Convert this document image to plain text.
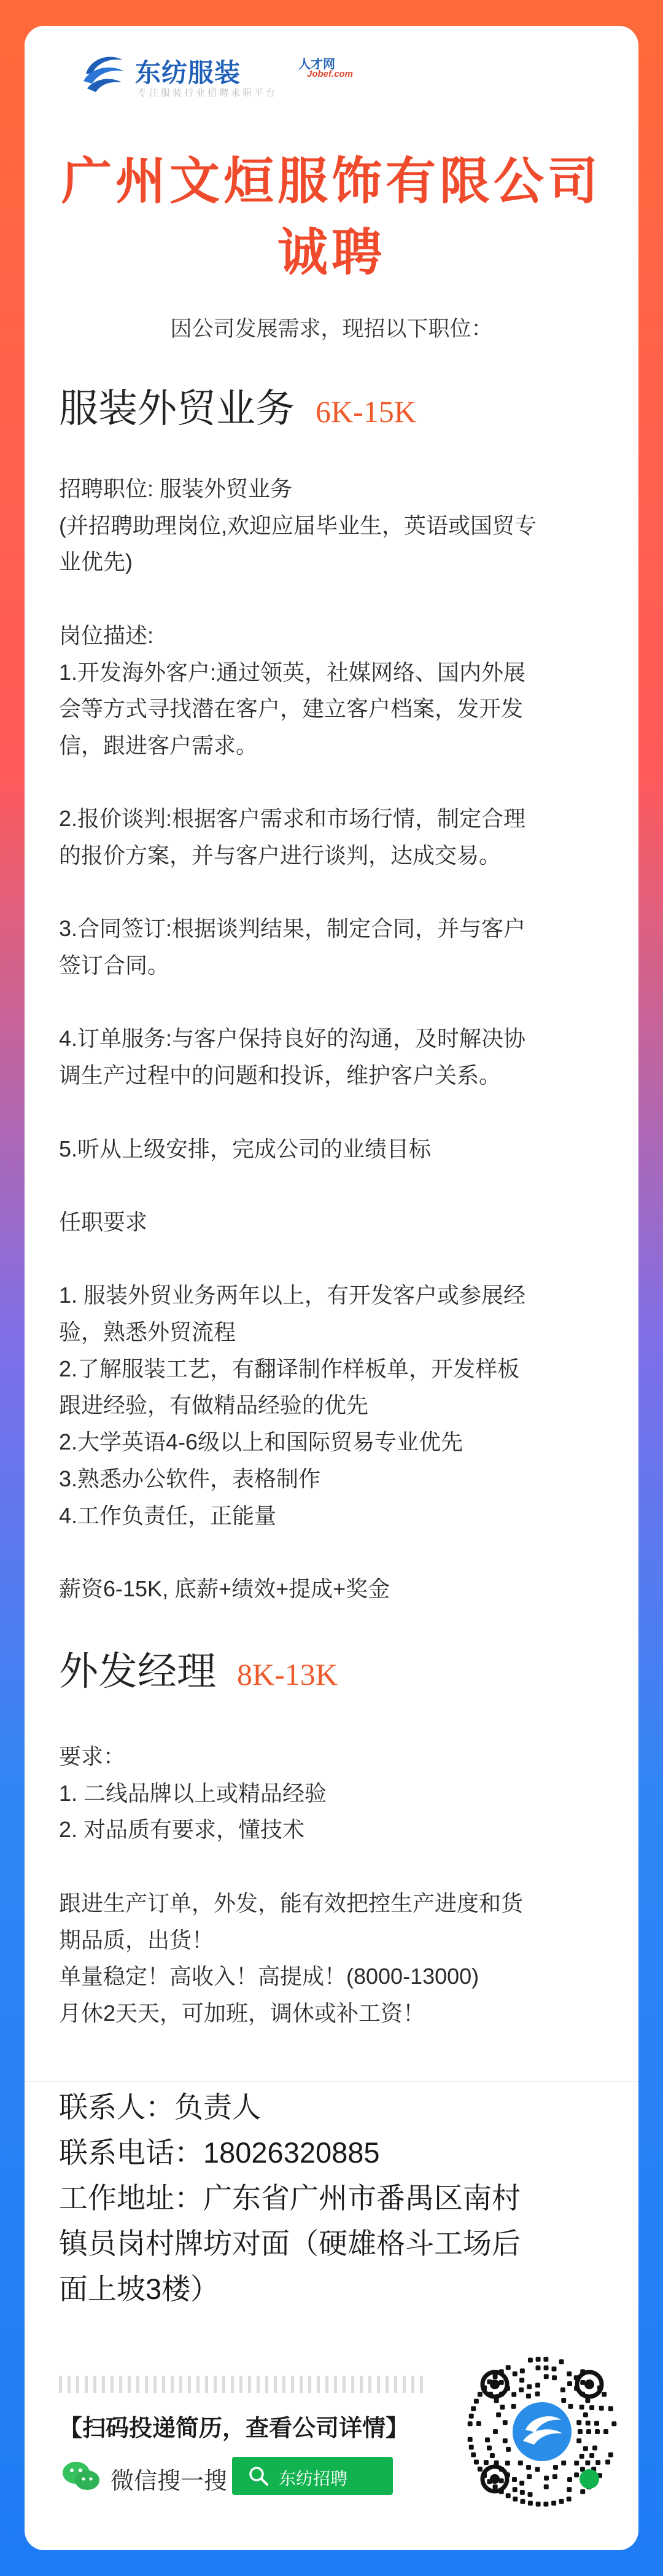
东纺服装	人才网
Jobef.com
专注服装行业招聘求职平台
广州文烜服饰有限公司
诚聘
因公司发展需求，现招以下职位：
服装外贸业务 6K-15K
招聘职位: 服装外贸业务
(并招聘助理岗位,欢迎应届毕业生，英语或国贸专
业优先)
岗位描述:
1.开发海外客户:通过领英，社媒网络、国内外展
会等方式寻找潜在客户，建立客户档案，发开发
信，跟进客户需求。
2.报价谈判:根据客户需求和市场行情，制定合理
的报价方案，并与客户进行谈判，达成交易。
3.合同签订:根据谈判结果，制定合同，并与客户
签订合同。
4.订单服务:与客户保持良好的沟通，及时解决协
调生产过程中的问题和投诉，维护客户关系。
5.听从上级安排，完成公司的业绩目标
任职要求
1. 服装外贸业务两年以上，有开发客户或参展经
验，熟悉外贸流程
2.了解服装工艺，有翻译制作样板单，开发样板
跟进经验，有做精品经验的优先
2.大学英语4-6级以上和国际贸易专业优先
3.熟悉办公软件，表格制作
4.工作负责任，正能量
薪资6-15K, 底薪+绩效+提成+奖金
外发经理 8K-13K
要求：
1. 二线品牌以上或精品经验
2. 对品质有要求，懂技术
跟进生产订单，外发，能有效把控生产进度和货
期品质，出货！
单量稳定！高收入！高提成！(8000-13000)
月休2天天，可加班，调休或补工资！
联系人：负责人
联系电话：18026320885
工作地址：广东省广州市番禺区南村
镇员岗村牌坊对面（硬雄格斗工场后
面上坡3楼）
【扫码投递简历，查看公司详情】
微信搜一搜	东纺招聘
